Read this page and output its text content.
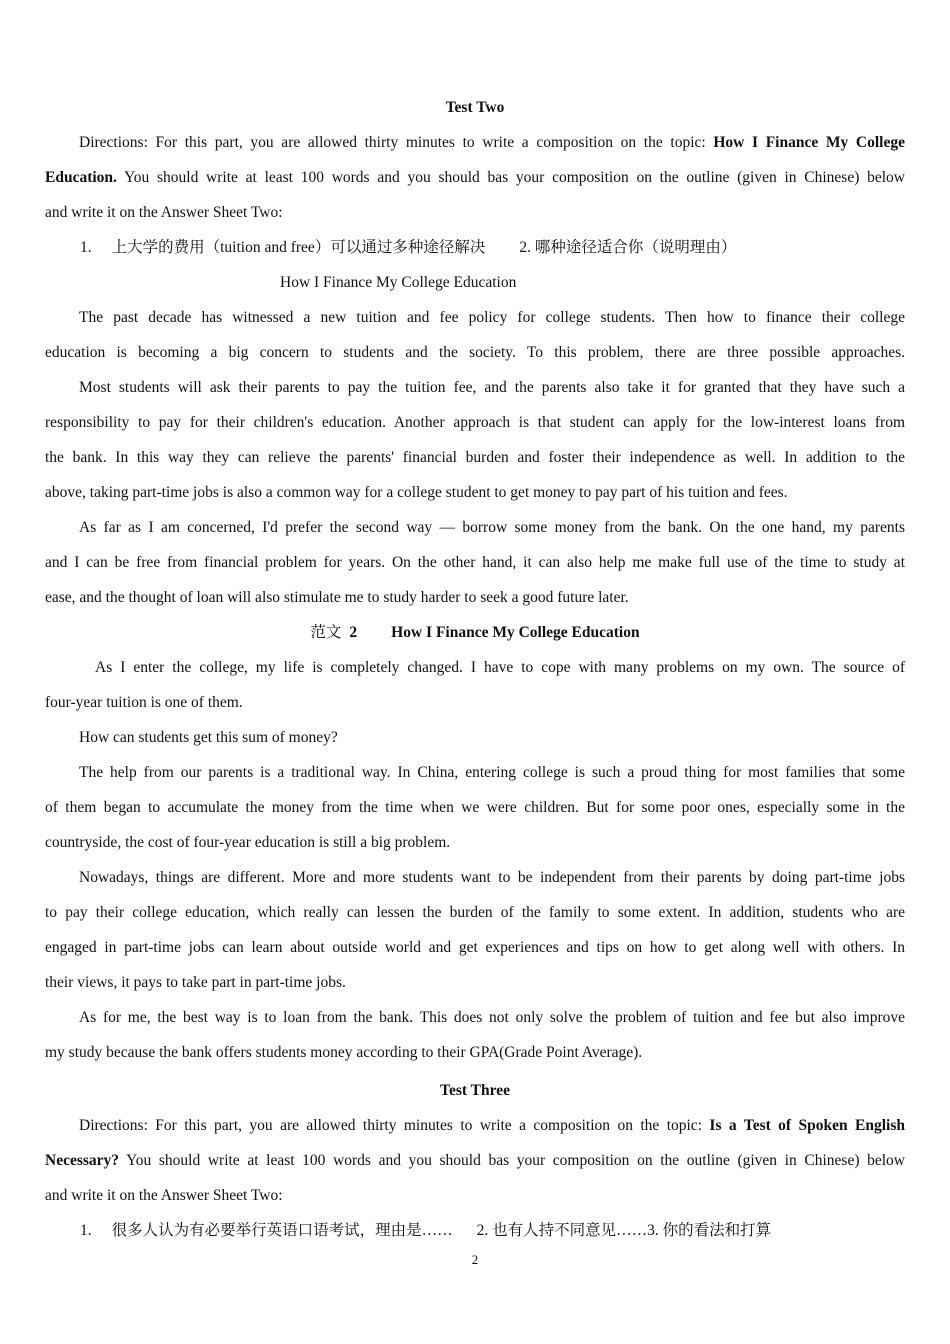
Test Two
Directions: For this part, you are allowed thirty minutes to write a composition on the topic: How I Finance My College
Education. You should write at least 100 words and you should bas your composition on the outline (given in Chinese) below
and write it on the Answer Sheet Two:
1. 上大学的费用（tuition and free）可以通过多种途径解决 2. 哪种途径适合你（说明理由）
How I Finance My College Education
The past decade has witnessed a new tuition and fee policy for college students. Then how to finance their college
education is becoming a big concern to students and the society. To this problem, there are three possible approaches.
Most students will ask their parents to pay the tuition fee, and the parents also take it for granted that they have such a
responsibility to pay for their children's education. Another approach is that student can apply for the low-interest loans from
the bank. In this way they can relieve the parents' financial burden and foster their independence as well. In addition to the
above, taking part-time jobs is also a common way for a college student to get money to pay part of his tuition and fees.
As far as I am concerned, I'd prefer the second way — borrow some money from the bank. On the one hand, my parents
and I can be free from financial problem for years. On the other hand, it can also help me make full use of the time to study at
ease, and the thought of loan will also stimulate me to study harder to seek a good future later.
范文 2 How I Finance My College Education
As I enter the college, my life is completely changed. I have to cope with many problems on my own. The source of
four-year tuition is one of them.
How can students get this sum of money?
The help from our parents is a traditional way. In China, entering college is such a proud thing for most families that some
of them began to accumulate the money from the time when we were children. But for some poor ones, especially some in the
countryside, the cost of four-year education is still a big problem.
Nowadays, things are different. More and more students want to be independent from their parents by doing part-time jobs
to pay their college education, which really can lessen the burden of the family to some extent. In addition, students who are
engaged in part-time jobs can learn about outside world and get experiences and tips on how to get along well with others. In
their views, it pays to take part in part-time jobs.
As for me, the best way is to loan from the bank. This does not only solve the problem of tuition and fee but also improve
my study because the bank offers students money according to their GPA(Grade Point Average).
Test Three
Directions: For this part, you are allowed thirty minutes to write a composition on the topic: Is a Test of Spoken English
Necessary? You should write at least 100 words and you should bas your composition on the outline (given in Chinese) below
and write it on the Answer Sheet Two:
1. 很多人认为有必要举行英语口语考试，理由是…… 2. 也有人持不同意见……3. 你的看法和打算
2
